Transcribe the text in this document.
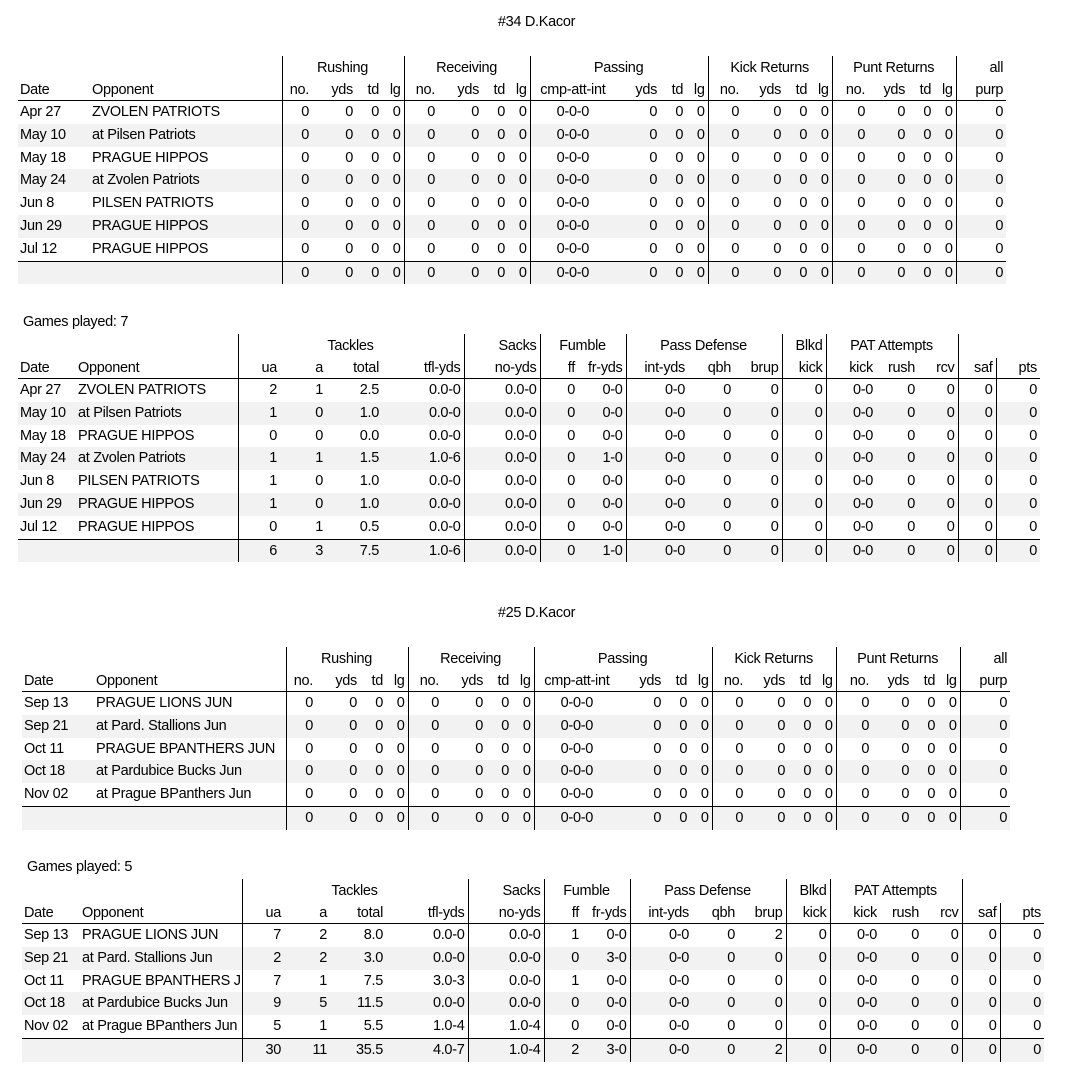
#34 D.Kacor
		Rushing				Receiving				Passing				Kick Returns				Punt Returns				all
Date	Opponent	no.	yds	td	lg	no.	yds	td	lg	cmp-att-int	yds	td	lg	no.	yds	td	lg	no.	yds	td	lg	purp
Apr 27	ZVOLEN PATRIOTS	0	0	0	0	0	0	0	0	0-0-0	0	0	0	0	0	0	0	0	0	0	0	0
May 10	at Pilsen Patriots	0	0	0	0	0	0	0	0	0-0-0	0	0	0	0	0	0	0	0	0	0	0	0
May 18	PRAGUE HIPPOS	0	0	0	0	0	0	0	0	0-0-0	0	0	0	0	0	0	0	0	0	0	0	0
May 24	at Zvolen Patriots	0	0	0	0	0	0	0	0	0-0-0	0	0	0	0	0	0	0	0	0	0	0	0
Jun 8	PILSEN PATRIOTS	0	0	0	0	0	0	0	0	0-0-0	0	0	0	0	0	0	0	0	0	0	0	0
Jun 29	PRAGUE HIPPOS	0	0	0	0	0	0	0	0	0-0-0	0	0	0	0	0	0	0	0	0	0	0	0
Jul 12	PRAGUE HIPPOS	0	0	0	0	0	0	0	0	0-0-0	0	0	0	0	0	0	0	0	0	0	0	0
		0	0	0	0	0	0	0	0	0-0-0	0	0	0	0	0	0	0	0	0	0	0	0
Games played: 7
		Tackles				Sacks	Fumble		Pass Defense			Blkd	PAT Attempts				
Date	Opponent	ua	a	total	tfl-yds	no-yds	ff	fr-yds	int-yds	qbh	brup	kick	kick	rush	rcv	saf	pts
Apr 27	ZVOLEN PATRIOTS	2	1	2.5	0.0-0	0.0-0	0	0-0	0-0	0	0	0	0-0	0	0	0	0
May 10	at Pilsen Patriots	1	0	1.0	0.0-0	0.0-0	0	0-0	0-0	0	0	0	0-0	0	0	0	0
May 18	PRAGUE HIPPOS	0	0	0.0	0.0-0	0.0-0	0	0-0	0-0	0	0	0	0-0	0	0	0	0
May 24	at Zvolen Patriots	1	1	1.5	1.0-6	0.0-0	0	1-0	0-0	0	0	0	0-0	0	0	0	0
Jun 8	PILSEN PATRIOTS	1	0	1.0	0.0-0	0.0-0	0	0-0	0-0	0	0	0	0-0	0	0	0	0
Jun 29	PRAGUE HIPPOS	1	0	1.0	0.0-0	0.0-0	0	0-0	0-0	0	0	0	0-0	0	0	0	0
Jul 12	PRAGUE HIPPOS	0	1	0.5	0.0-0	0.0-0	0	0-0	0-0	0	0	0	0-0	0	0	0	0
		6	3	7.5	1.0-6	0.0-0	0	1-0	0-0	0	0	0	0-0	0	0	0	0
#25 D.Kacor
		Rushing				Receiving				Passing				Kick Returns				Punt Returns				all
Date	Opponent	no.	yds	td	lg	no.	yds	td	lg	cmp-att-int	yds	td	lg	no.	yds	td	lg	no.	yds	td	lg	purp
Sep 13	PRAGUE LIONS JUN	0	0	0	0	0	0	0	0	0-0-0	0	0	0	0	0	0	0	0	0	0	0	0
Sep 21	at Pard. Stallions Jun	0	0	0	0	0	0	0	0	0-0-0	0	0	0	0	0	0	0	0	0	0	0	0
Oct 11	PRAGUE BPANTHERS JUN	0	0	0	0	0	0	0	0	0-0-0	0	0	0	0	0	0	0	0	0	0	0	0
Oct 18	at Pardubice Bucks Jun	0	0	0	0	0	0	0	0	0-0-0	0	0	0	0	0	0	0	0	0	0	0	0
Nov 02	at Prague BPanthers Jun	0	0	0	0	0	0	0	0	0-0-0	0	0	0	0	0	0	0	0	0	0	0	0
		0	0	0	0	0	0	0	0	0-0-0	0	0	0	0	0	0	0	0	0	0	0	0
Games played: 5
		Tackles				Sacks	Fumble		Pass Defense			Blkd	PAT Attempts				
Date	Opponent	ua	a	total	tfl-yds	no-yds	ff	fr-yds	int-yds	qbh	brup	kick	kick	rush	rcv	saf	pts
Sep 13	PRAGUE LIONS JUN	7	2	8.0	0.0-0	0.0-0	1	0-0	0-0	0	2	0	0-0	0	0	0	0
Sep 21	at Pard. Stallions Jun	2	2	3.0	0.0-0	0.0-0	0	3-0	0-0	0	0	0	0-0	0	0	0	0
Oct 11	PRAGUE BPANTHERS J	7	1	7.5	3.0-3	0.0-0	1	0-0	0-0	0	0	0	0-0	0	0	0	0
Oct 18	at Pardubice Bucks Jun	9	5	11.5	0.0-0	0.0-0	0	0-0	0-0	0	0	0	0-0	0	0	0	0
Nov 02	at Prague BPanthers Jun	5	1	5.5	1.0-4	1.0-4	0	0-0	0-0	0	0	0	0-0	0	0	0	0
		30	11	35.5	4.0-7	1.0-4	2	3-0	0-0	0	2	0	0-0	0	0	0	0
